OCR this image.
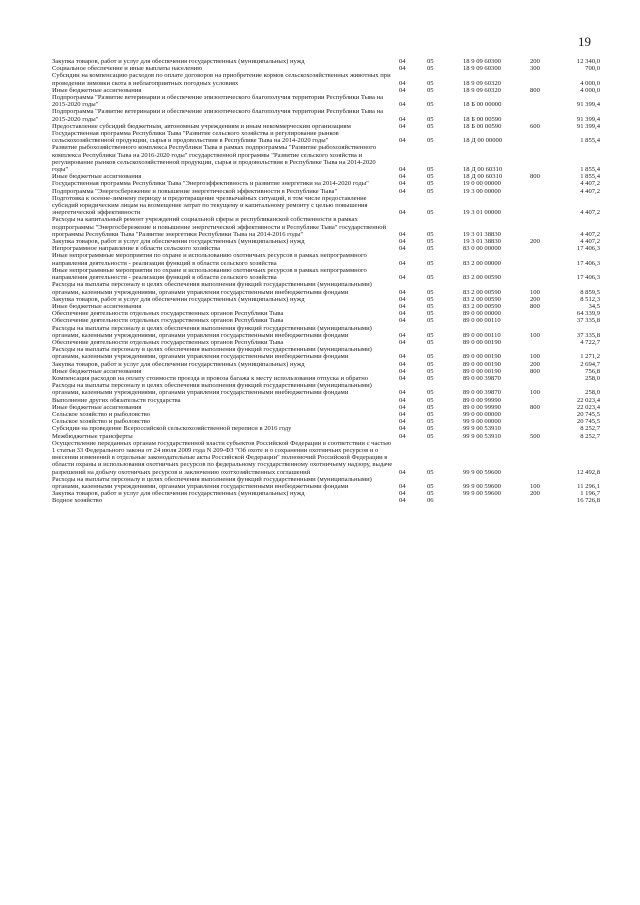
19
Закупка товаров, работ и услуг для обеспечения государственных (муниципальных) нужд	04	05	18 9 09 60300	200	12 340,0
Социальное обеспечение и иные выплаты населению	04	05	18 9 09 60300	300	700,0
Субсидии на компенсацию расходов по оплате договоров на приобретение кормов сельскохозяйственных животных при проведении зимовки скота в неблагоприятных погодных условиях	04	05	18 9 09 60320	4 000,0
Иные бюджетные ассигнования	04	05	18 9 09 60320	800	4 000,0
Подпрограмма "Развитие ветеринарии и обеспечение эпизоотического благополучия территории Республики Тыва на 2015-2020 годы"	04	05	18 Б 00 00000	91 399,4
Подпрограмма "Развитие ветеринарии и обеспечение эпизоотического благополучия территории Республики Тыва на 2015-2020 годы"	04	05	18 Б 00 00590	91 399,4
Предоставление субсидий бюджетным, автономным учреждениям и иным некоммерческим организациям	04	05	18 Б 00 00590	600	91 399,4
Государственная программа Республики Тыва "Развитие сельского хозяйства и регулирование рынков сельскохозяйственной продукции, сырья и продовольствия в Республике Тыва на 2014-2020 годы"	04	05	18 Д 00 00000	1 855,4
Развитие рыбохозяйственного комплекса Республики Тыва в рамках подпрограммы "Развитие рыбохозяйственного комплекса Республики Тыва на 2016-2020 годы" государственной программы "Развитие сельского хозяйства и регулирование рынков сельскохозяйственной продукции, сырья и продовольствия в Республике Тыва на 2014-2020 годы"	04	05	18 Д 00 60310	1 855,4
Иные бюджетные ассигнования	04	05	18 Д 00 60310	800	1 855,4
Государственная программа Республики Тыва "Энергоэффективность и развитие энергетики на 2014-2020 годы"	04	05	19 0 00 00000	4 407,2
Подпрограмма "Энергосбережение и повышение энергетической эффективности в Республике Тыва"	04	05	19 3 00 00000	4 407,2
Подготовка к осенне-зимнему периоду и предотвращение чрезвычайных ситуаций, в том числе предоставление субсидий юридическим лицам на возмещение затрат по текущему и капитальному ремонту с целью повышения энергетической эффективности	04	05	19 3 01 00000	4 407,2
Расходы на капитальный ремонт учреждений социальной сферы и республиканской собственности в рамках подпрограммы "Энергосбережение и повышение энергетической эффективности в Республике Тыва" государственной программы Республики Тыва "Развитие энергетики Республики Тыва на 2014-2016 годы"	04	05	19 3 01 38830	4 407,2
Закупка товаров, работ и услуг для обеспечения государственных (муниципальных) нужд	04	05	19 3 01 38830	200	4 407,2
Непрограммное направление в области сельского хозяйства	04	05	83 0 00 00000	17 406,3
Иные непрограммные мероприятия по охране и использованию охотничьих ресурсов в рамках непрограммного направления деятельности - реализация функций в области сельского хозяйства	04	05	83 2 00 00000	17 406,3
Иные непрограммные мероприятия по охране и использованию охотничьих ресурсов в рамках непрограммного направления деятельности - реализация функций в области сельского хозяйства	04	05	83 2 00 00590	17 406,3
Расходы на выплаты персоналу в целях обеспечения выполнения функций государственными (муниципальными) органами, казенными учреждениями, органами управления государственными внебюджетными фондами	04	05	83 2 00 00590	100	8 859,5
Закупка товаров, работ и услуг для обеспечения государственных (муниципальных) нужд	04	05	83 2 00 00590	200	8 512,3
Иные бюджетные ассигнования	04	05	83 2 00 00590	800	34,5
Обеспечение деятельности отдельных государственных органов Республики Тыва	04	05	89 0 00 00000	64 339,9
Обеспечение деятельности отдельных государственных органов Республики Тыва	04	05	89 0 00 00110	37 335,8
Расходы на выплаты персоналу в целях обеспечения выполнения функций государственными (муниципальными) органами, казенными учреждениями, органами управления государственными внебюджетными фондами	04	05	89 0 00 00110	100	37 335,8
Обеспечение деятельности отдельных государственных органов Республики Тыва	04	05	89 0 00 00190	4 722,7
Расходы на выплаты персоналу в целях обеспечения выполнения функций государственными (муниципальными) органами, казенными учреждениями, органами управления государственными внебюджетными фондами	04	05	89 0 00 00190	100	1 271,2
Закупка товаров, работ и услуг для обеспечения государственных (муниципальных) нужд	04	05	89 0 00 00190	200	2 694,7
Иные бюджетные ассигнования	04	05	89 0 00 00190	800	756,8
Компенсация расходов на оплату стоимости проезда и провоза багажа к месту использования отпуска и обратно	04	05	89 0 00 39870	258,0
Расходы на выплаты персоналу в целях обеспечения выполнения функций государственными (муниципальными) органами, казенными учреждениями, органами управления государственными внебюджетными фондами	04	05	89 0 00 39870	100	258,0
Выполнение других обязательств государства	04	05	89 0 00 99990	22 023,4
Иные бюджетные ассигнования	04	05	89 0 00 99990	800	22 023,4
Сельское хозяйство и рыболовство	04	05	99 0 00 00000	20 745,5
Сельское хозяйство и рыболовство	04	05	99 9 00 00000	20 745,5
Субсидии на проведение Всероссийской сельскохозяйственной переписи в 2016 году	04	05	99 9 00 53910	8 252,7
Межбюджетные трансферты	04	05	99 9 00 53910	500	8 252,7
Осуществление переданных органам государственной власти субъектов Российской Федерации в соответствии с частью 1 статьи 33 Федерального закона от 24 июля 2009 года N 209-ФЗ "Об охоте и о сохранении охотничьих ресурсов и о внесении изменений в отдельные законодательные акты Российской Федерации" полномочий Российской Федерации в области охраны и использования охотничьих ресурсов по федеральному государственному охотничьему надзору, выдаче разрешений на добычу охотничьих ресурсов и заключению охотхозяйственных соглашений	04	05	99 9 00 59600	12 492,8
Расходы на выплаты персоналу в целях обеспечения выполнения функций государственными (муниципальными) органами, казенными учреждениями, органами управления государственными внебюджетными фондами	04	05	99 9 00 59600	100	11 296,1
Закупка товаров, работ и услуг для обеспечения государственных (муниципальных) нужд	04	05	99 9 00 59600	200	1 196,7
Водное хозяйство	04	06	16 726,8
